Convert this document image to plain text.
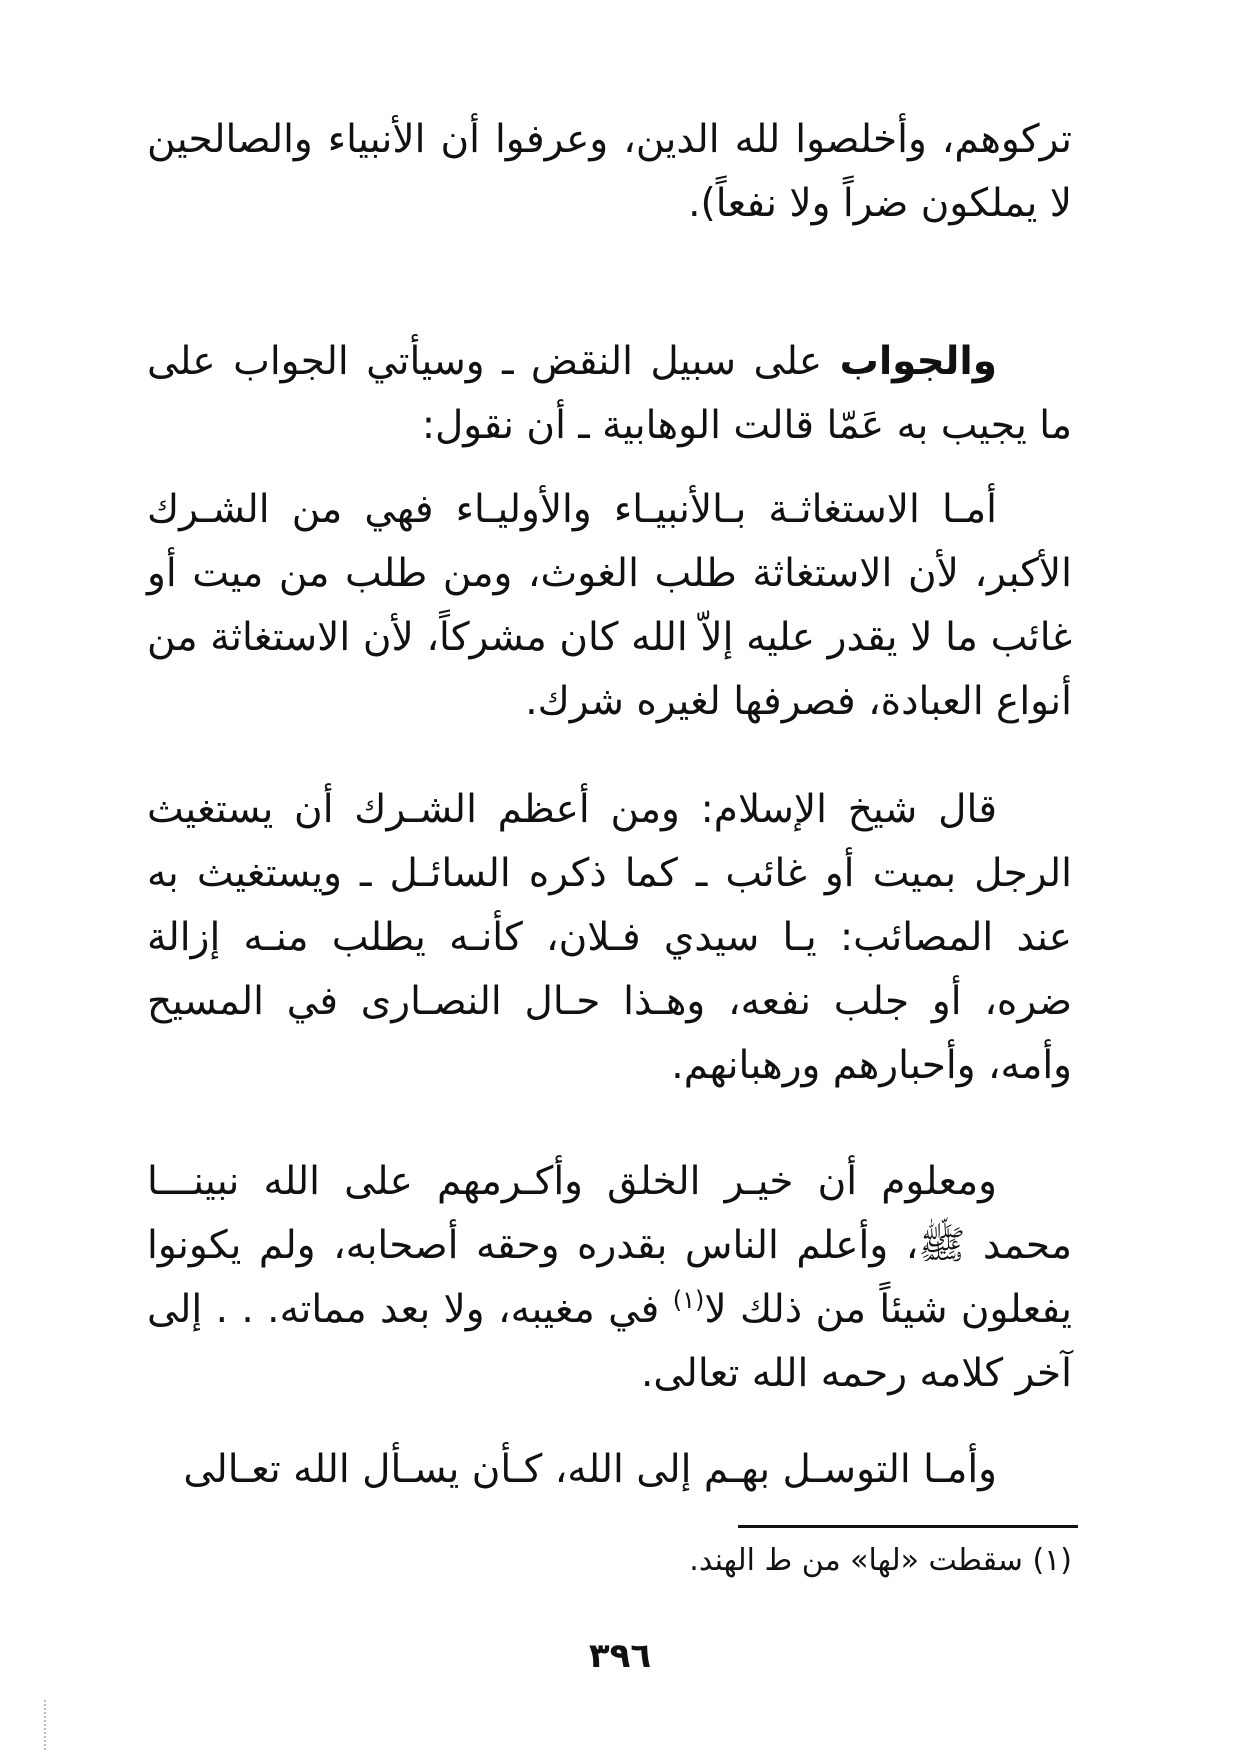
تركوهم، وأخلصوا لله الدين، وعرفوا أن الأنبياء والصالحين لا يملكون ضراً ولا نفعاً).

والجواب على سبيل النقض ـ وسيأتي الجواب على ما يجيب به عَمّا قالت الوهابية ـ أن نقول:

أمـا الاستغاثـة بـالأنبيـاء والأوليـاء فهي من الشـرك الأكبر، لأن الاستغاثة طلب الغوث، ومن طلب من ميت أو غائب ما لا يقدر عليه إلاّ الله كان مشركاً، لأن الاستغاثة من أنواع العبادة، فصرفها لغيره شرك.

قال شيخ الإسلام: ومن أعظم الشـرك أن يستغيث الرجل بميت أو غائب ـ كما ذكره السائـل ـ ويستغيث به عند المصائب: يـا سيدي فـلان، كأنـه يطلب منـه إزالة ضره، أو جلب نفعه، وهـذا حـال النصـارى في المسيح وأمه، وأحبارهم ورهبانهم.

ومعلوم أن خيـر الخلق وأكـرمهم على الله نبينـــا محمد ﷺ، وأعلم الناس بقدره وحقه أصحابه، ولم يكونوا يفعلون شيئاً من ذلك لا$^{(١)}$ في مغيبه، ولا بعد مماته. . . إلى آخر كلامه رحمه الله تعالى.

وأمـا التوسـل بهـم إلى الله، كـأن يسـأل الله تعـالى

(١) سقطت «لها» من ط الهند.

٣٩٦
